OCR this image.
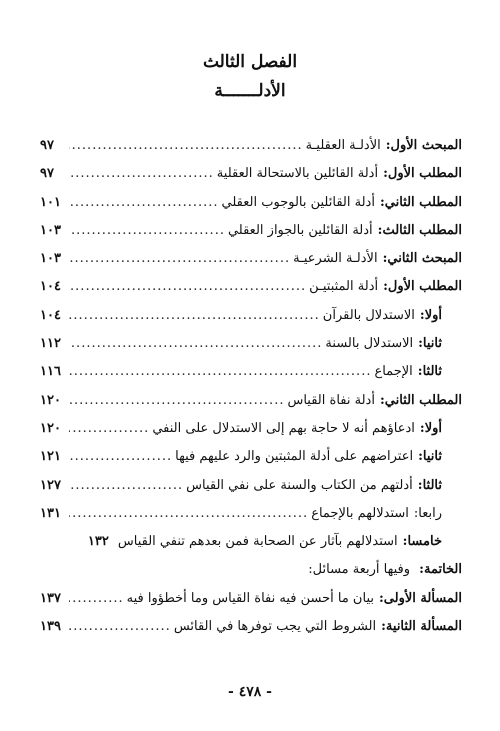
الفصل الثالث
الأدلـــــــة
المبحث الأول:
الأدلـة العقليـة
.....
٩٧
المطلب الأول:
أدلة القائلين بالاستحالة العقلية
.....
٩٧
المطلب الثاني:
أدلة القائلين بالوجوب العقلي
.....
١٠١
المطلب الثالث:
أدلة القائلين بالجواز العقلي
.....
١٠٣
المبحث الثاني:
الأدلـة الشرعيـة
.....
١٠٣
المطلب الأول:
أدلة المثبتيـن
.....
١٠٤
أولا:
الاستدلال بالقرآن
.....
١٠٤
ثانيا:
الاستدلال بالسنة
.....
١١٢
ثالثا:
الإجماع
.....
١١٦
المطلب الثاني:
أدلة نفاة القياس
.....
١٢٠
أولا:
ادعاؤهم أنه لا حاجة بهم إلى الاستدلال على النفي
.....
١٢٠
ثانيا:
اعتراضهم على أدلة المثبتين والرد عليهم فيها
.....
١٢١
ثالثا:
أدلتهم من الكتاب والسنة على نفي القياس
.....
١٢٧
رابعا:
استدلالهم بالإجماع
.....
١٣١
خامسا:
استدلالهم بآثار عن الصحابة فمن بعدهم تنفي القياس
١٣٢
الخاتمة: وفيها أربعة مسائل:
المسألة الأولى:
بيان ما أحسن فيه نفاة القياس وما أخطؤوا فيه
.....
١٣٧
المسألة الثانية:
الشروط التي يجب توفرها في القائس
.....
١٣٩
- ٤٧٨ -
